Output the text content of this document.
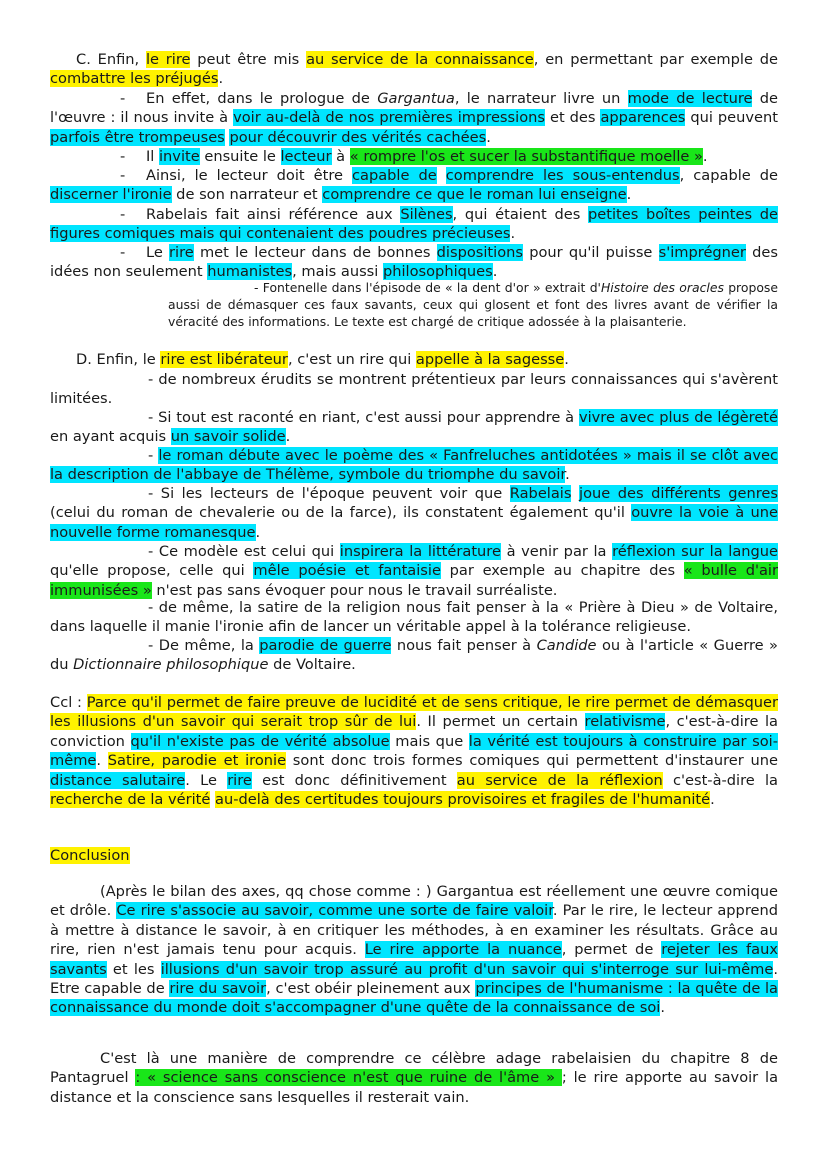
C. Enfin, le rire peut être mis au service de la connaissance, en permettant par exemple de combattre les préjugés.

- En effet, dans le prologue de Gargantua, le narrateur livre un mode de lecture de l'œuvre : il nous invite à voir au-delà de nos premières impressions et des apparences qui peuvent parfois être trompeuses pour découvrir des vérités cachées.

- Il invite ensuite le lecteur à « rompre l'os et sucer la substantifique moelle ».

- Ainsi, le lecteur doit être capable de comprendre les sous-entendus, capable de discerner l'ironie de son narrateur et comprendre ce que le roman lui enseigne.

- Rabelais fait ainsi référence aux Silènes, qui étaient des petites boîtes peintes de figures comiques mais qui contenaient des poudres précieuses.

- Le rire met le lecteur dans de bonnes dispositions pour qu'il puisse s'imprégner des idées non seulement humanistes, mais aussi philosophiques.

- Fontenelle dans l'épisode de « la dent d'or » extrait d'Histoire des oracles propose aussi de démasquer ces faux savants, ceux qui glosent et font des livres avant de vérifier la véracité des informations. Le texte est chargé de critique adossée à la plaisanterie.

D. Enfin, le rire est libérateur, c'est un rire qui appelle à la sagesse.

- de nombreux érudits se montrent prétentieux par leurs connaissances qui s'avèrent limitées.

- Si tout est raconté en riant, c'est aussi pour apprendre à vivre avec plus de légèreté en ayant acquis un savoir solide.

- le roman débute avec le poème des « Fanfreluches antidotées » mais il se clôt avec la description de l'abbaye de Thélème, symbole du triomphe du savoir.

- Si les lecteurs de l'époque peuvent voir que Rabelais joue des différents genres (celui du roman de chevalerie ou de la farce), ils constatent également qu'il ouvre la voie à une nouvelle forme romanesque.

- Ce modèle est celui qui inspirera la littérature à venir par la réflexion sur la langue qu'elle propose, celle qui mêle poésie et fantaisie par exemple au chapitre des « bulle d'air immunisées » n'est pas sans évoquer pour nous le travail surréaliste.

- de même, la satire de la religion nous fait penser à la « Prière à Dieu » de Voltaire, dans laquelle il manie l'ironie afin de lancer un véritable appel à la tolérance religieuse.

- De même, la parodie de guerre nous fait penser à Candide ou à l'article « Guerre » du Dictionnaire philosophique de Voltaire.

Ccl : Parce qu'il permet de faire preuve de lucidité et de sens critique, le rire permet de démasquer les illusions d'un savoir qui serait trop sûr de lui. Il permet un certain relativisme, c'est-à-dire la conviction qu'il n'existe pas de vérité absolue mais que la vérité est toujours à construire par soi-même. Satire, parodie et ironie sont donc trois formes comiques qui permettent d'instaurer une distance salutaire. Le rire est donc définitivement au service de la réflexion c'est-à-dire la recherche de la vérité au-delà des certitudes toujours provisoires et fragiles de l'humanité.

Conclusion

(Après le bilan des axes, qq chose comme : ) Gargantua est réellement une œuvre comique et drôle. Ce rire s'associe au savoir, comme une sorte de faire valoir. Par le rire, le lecteur apprend à mettre à distance le savoir, à en critiquer les méthodes, à en examiner les résultats. Grâce au rire, rien n'est jamais tenu pour acquis. Le rire apporte la nuance, permet de rejeter les faux savants et les illusions d'un savoir trop assuré au profit d'un savoir qui s'interroge sur lui-même. Etre capable de rire du savoir, c'est obéir pleinement aux principes de l'humanisme : la quête de la connaissance du monde doit s'accompagner d'une quête de la connaissance de soi.

C'est là une manière de comprendre ce célèbre adage rabelaisien du chapitre 8 de Pantagruel : « science sans conscience n'est que ruine de l'âme » ; le rire apporte au savoir la distance et la conscience sans lesquelles il resterait vain.
